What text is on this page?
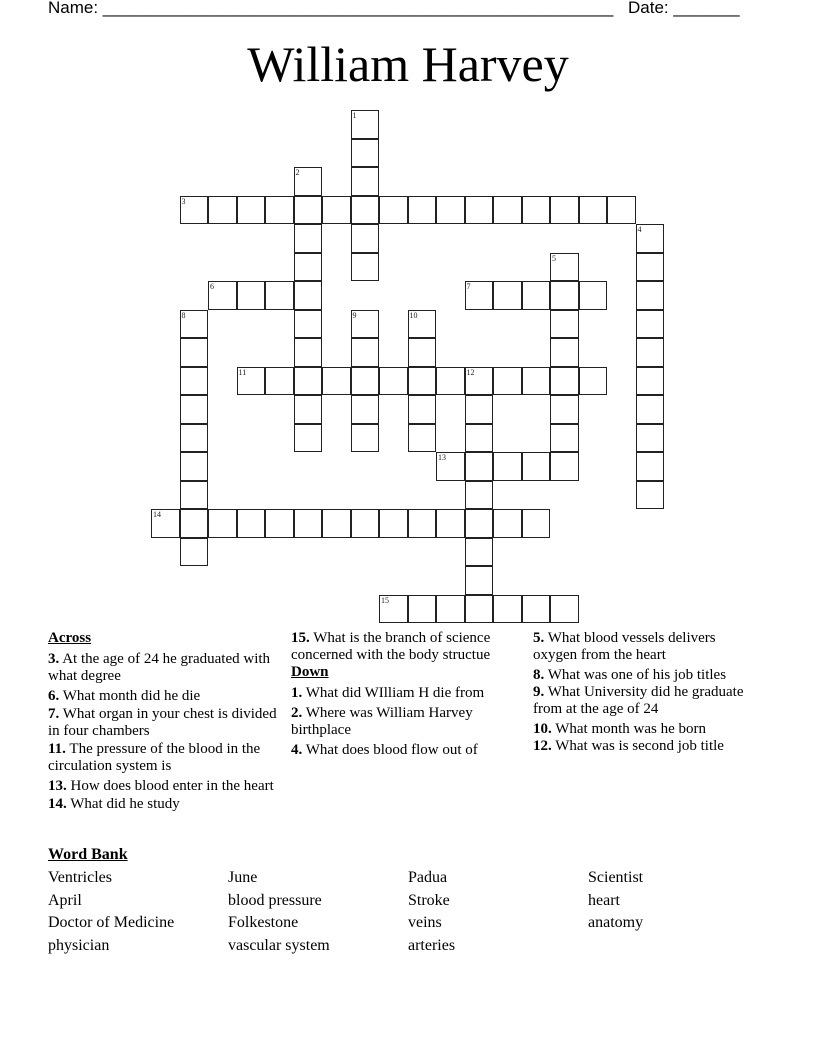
Name: ______________________________________________________ Date: _______
William Harvey
1
2
3
4
5
6	7
8	9	10
11	12
13
14
15
Across
3. At the age of 24 he graduated with what degree
6. What month did he die
7. What organ in your chest is divided in four chambers
11. The pressure of the blood in the circulation system is
13. How does blood enter in the heart
14. What did he study
15. What is the branch of science concerned with the body structue
Down
1. What did WIlliam H die from
2. Where was William Harvey birthplace
4. What does blood flow out of
5. What blood vessels delivers oxygen from the heart
8. What was one of his job titles
9. What University did he graduate from at the age of 24
10. What month was he born
12. What was is second job title
Word Bank
Ventricles
April
Doctor of Medicine
physician
June
blood pressure
Folkestone
vascular system
Padua
Stroke
veins
arteries
Scientist
heart
anatomy
